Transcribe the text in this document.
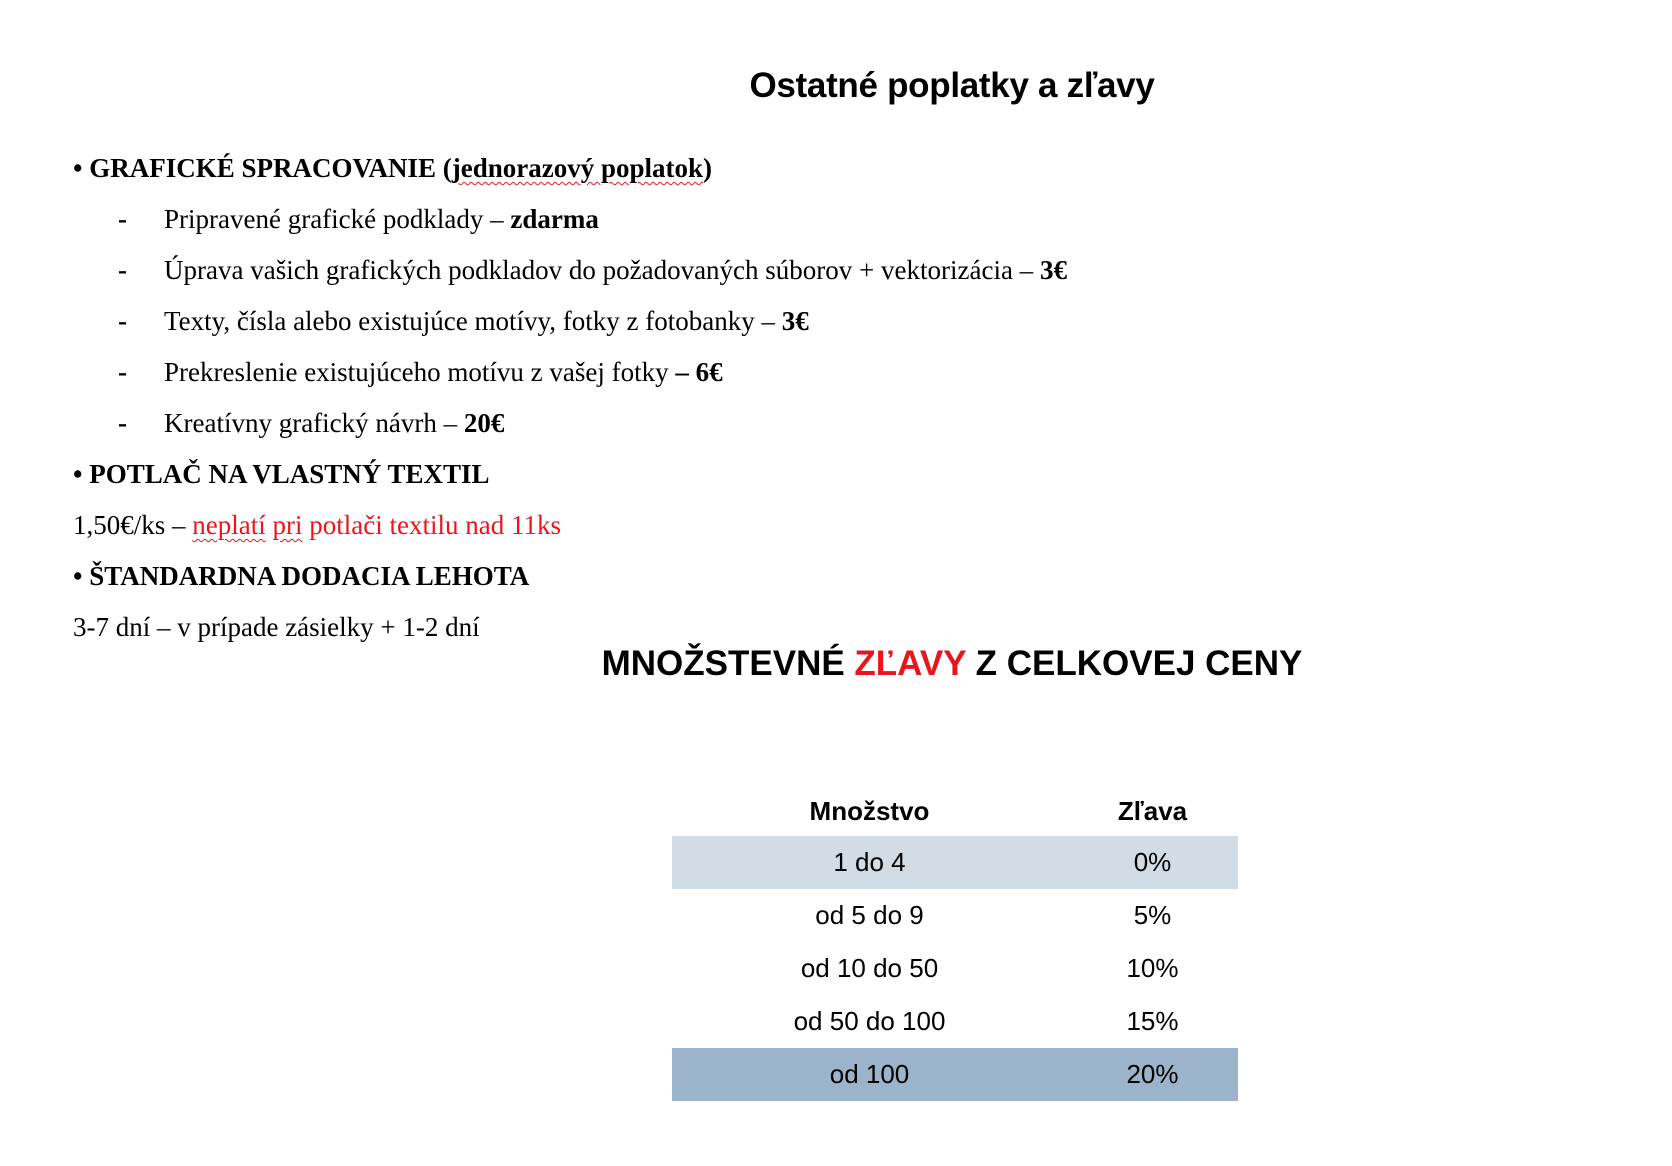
Ostatné poplatky a zľavy
• GRAFICKÉ SPRACOVANIE (jednorazový poplatok)
- Pripravené grafické podklady – zdarma
- Úprava vašich grafických podkladov do požadovaných súborov + vektorizácia – 3€
- Texty, čísla alebo existujúce motívy, fotky z fotobanky – 3€
- Prekreslenie existujúceho motívu z vašej fotky – 6€
- Kreatívny grafický návrh – 20€
• POTLAČ NA VLASTNÝ TEXTIL
1,50€/ks – neplatí pri potlači textilu nad 11ks
• ŠTANDARDNA DODACIA LEHOTA
3-7 dní – v prípade zásielky + 1-2 dní
MNOŽSTEVNÉ ZĽAVY Z CELKOVEJ CENY
Množstvo	Zľava
1 do 4	0%
od 5 do 9	5%
od 10 do 50	10%
od 50 do 100	15%
od 100	20%
